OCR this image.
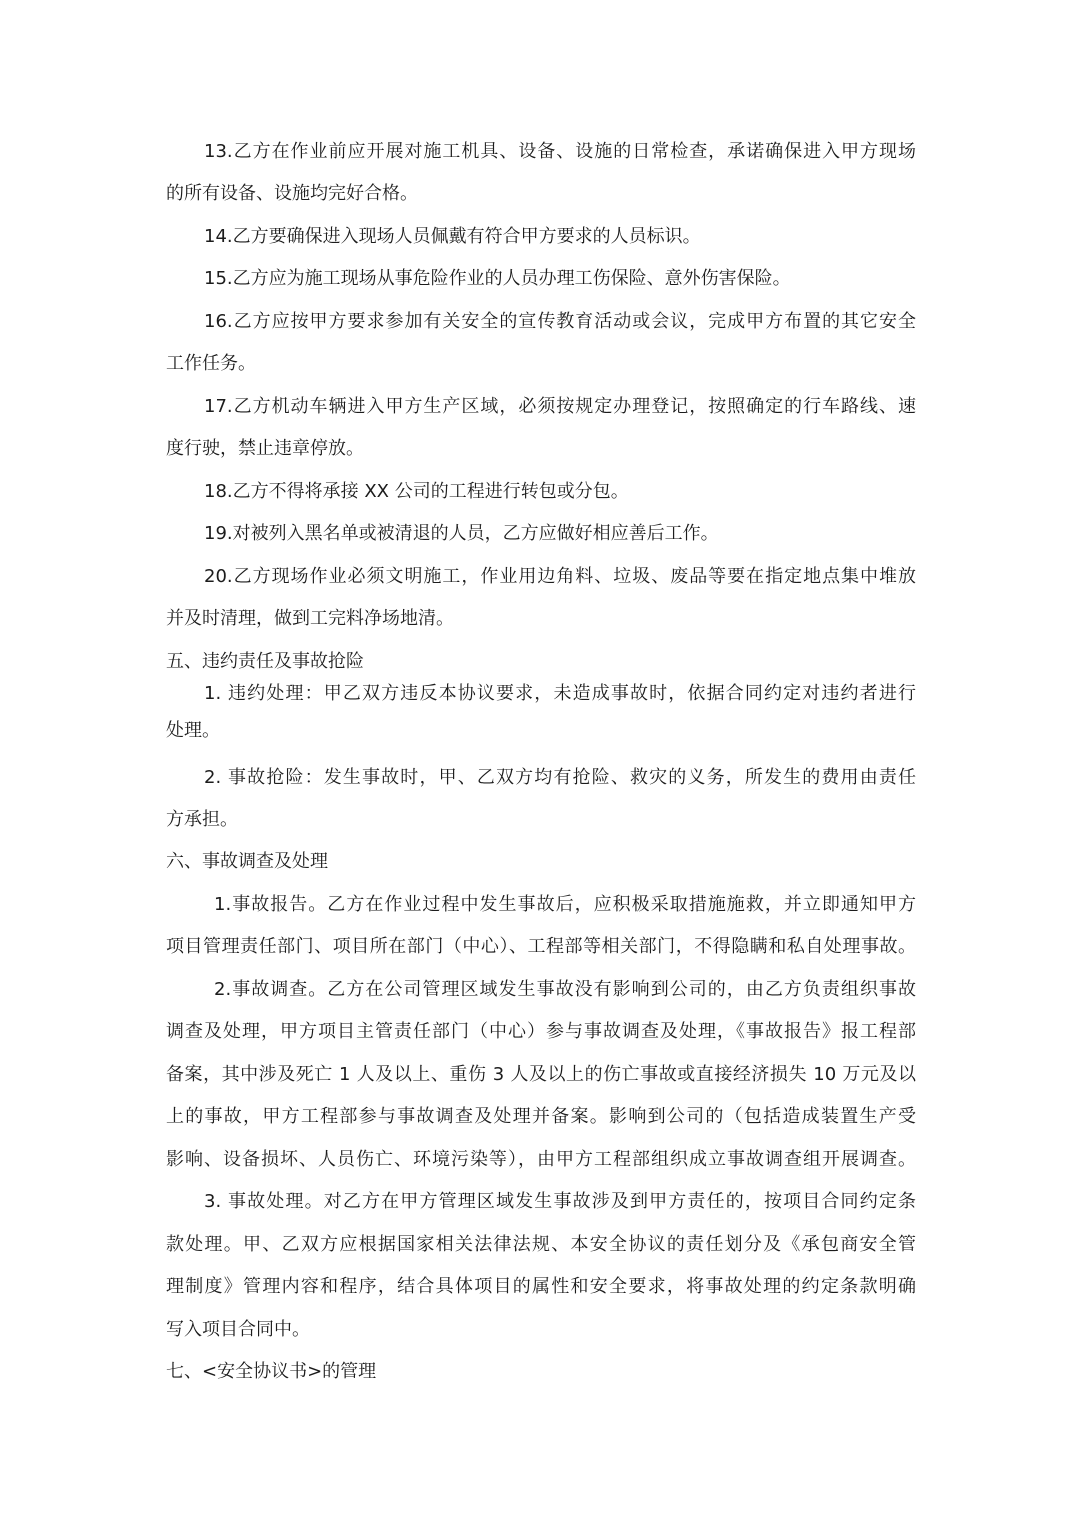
13.乙方在作业前应开展对施工机具、设备、设施的日常检查，承诺确保进入甲方现场
的所有设备、设施均完好合格。
14.乙方要确保进入现场人员佩戴有符合甲方要求的人员标识。
15.乙方应为施工现场从事危险作业的人员办理工伤保险、意外伤害保险。
16.乙方应按甲方要求参加有关安全的宣传教育活动或会议，完成甲方布置的其它安全
工作任务。
17.乙方机动车辆进入甲方生产区域，必须按规定办理登记，按照确定的行车路线、速
度行驶，禁止违章停放。
18.乙方不得将承接 XX 公司的工程进行转包或分包。
19.对被列入黑名单或被清退的人员，乙方应做好相应善后工作。
20.乙方现场作业必须文明施工，作业用边角料、垃圾、废品等要在指定地点集中堆放
并及时清理，做到工完料净场地清。
五、违约责任及事故抢险
1. 违约处理：甲乙双方违反本协议要求，未造成事故时，依据合同约定对违约者进行
处理。
2. 事故抢险：发生事故时，甲、乙双方均有抢险、救灾的义务，所发生的费用由责任
方承担。
六、事故调查及处理
1.事故报告。乙方在作业过程中发生事故后，应积极采取措施施救，并立即通知甲方
项目管理责任部门、项目所在部门（中心）、工程部等相关部门，不得隐瞒和私自处理事故。
2.事故调查。乙方在公司管理区域发生事故没有影响到公司的，由乙方负责组织事故
调查及处理，甲方项目主管责任部门（中心）参与事故调查及处理，《事故报告》报工程部
备案，其中涉及死亡 1 人及以上、重伤 3 人及以上的伤亡事故或直接经济损失 10 万元及以
上的事故，甲方工程部参与事故调查及处理并备案。影响到公司的（包括造成装置生产受
影响、设备损坏、人员伤亡、环境污染等），由甲方工程部组织成立事故调查组开展调查。
3. 事故处理。对乙方在甲方管理区域发生事故涉及到甲方责任的，按项目合同约定条
款处理。甲、乙双方应根据国家相关法律法规、本安全协议的责任划分及《承包商安全管
理制度》管理内容和程序，结合具体项目的属性和安全要求，将事故处理的约定条款明确
写入项目合同中。
七、<安全协议书>的管理
